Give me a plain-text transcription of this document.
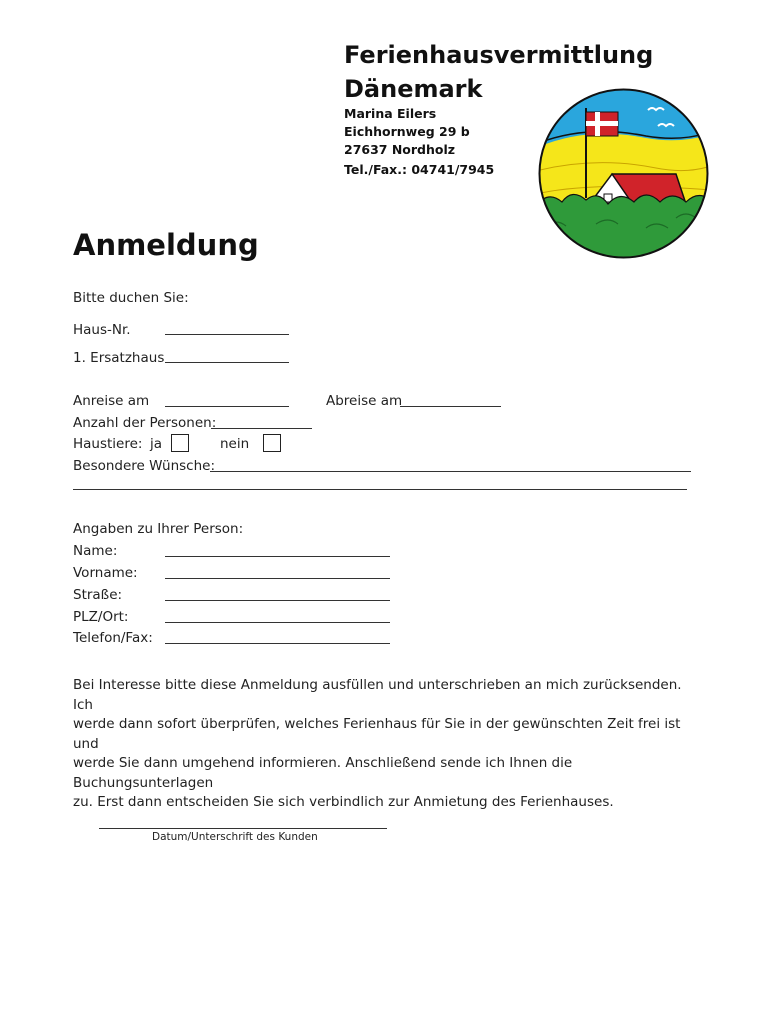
Ferienhausvermittlung
Dänemark
Marina Eilers
Eichhornweg 29 b
27637 Nordholz
Tel./Fax.: 04741/7945
Anmeldung
Bitte duchen Sie:
Haus-Nr.
1. Ersatzhaus
Anreise am	Abreise am
Anzahl der Personen:
Haustiere: ja	nein
Besondere Wünsche:
Angaben zu Ihrer Person:
Name:
Vorname:
Straße:
PLZ/Ort:
Telefon/Fax:
Bei Interesse bitte diese Anmeldung ausfüllen und unterschrieben an mich zurücksenden. Ich
werde dann sofort überprüfen, welches Ferienhaus für Sie in der gewünschten Zeit frei ist und
werde Sie dann umgehend informieren. Anschließend sende ich Ihnen die Buchungsunterlagen
zu. Erst dann entscheiden Sie sich verbindlich zur Anmietung des Ferienhauses.
Datum/Unterschrift des Kunden
